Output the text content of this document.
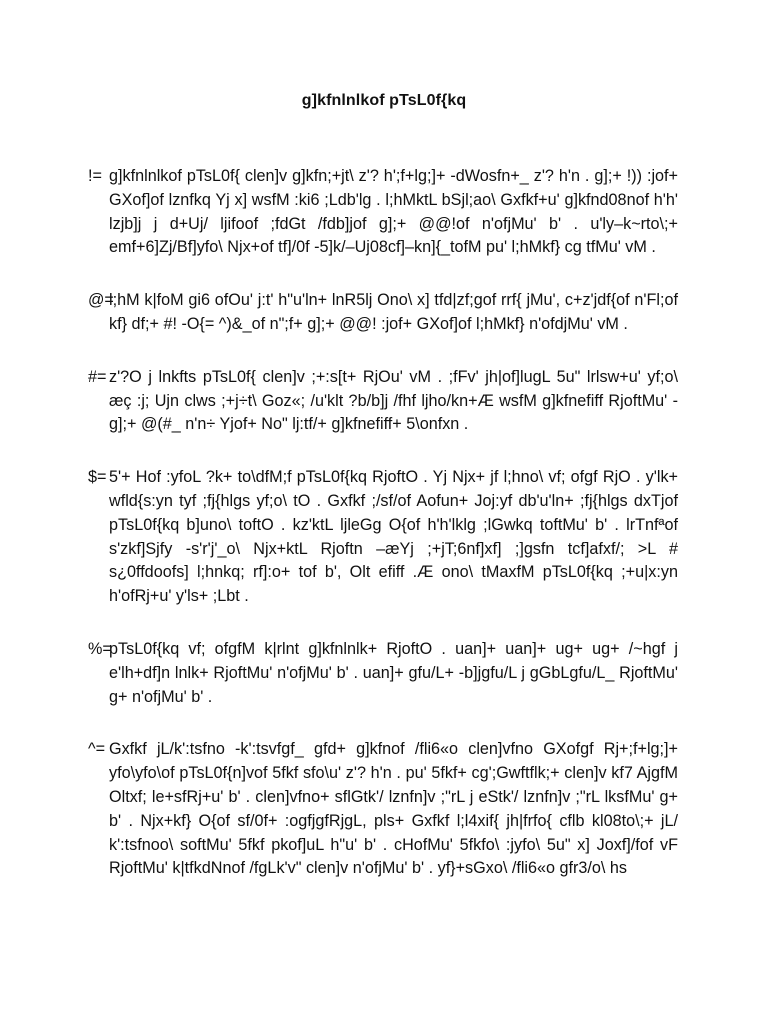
g]kfnlnlkof pTsL0f{kq
!= g]kfnlnlkof pTsL0f{ clen]v g]kfn;+jt\ z'? h';f+lg;]+ -dWosfn+_ z'? h'n . g];+ !)) :jof+ GXof]of lznfkq Yj x] wsfM :ki6 ;Ldb'lg . l;hMktL bSjl;ao\ Gxfkf+u' g]kfnd08nof h'h' lzjb]j j d+Uj/ ljifoof ;fdGt /fdb]jof g];+ @@!of n'ofjMu' b' . u'ly–k~rto\;+ emf+6]Zj/Bf]yfo\ Njx+of tf]/0f -5]k/–Uj08cf]–kn]{_tofM pu' l;hMkf} cg tfMu' vM .
@=
l;hM k|foM gi6 ofOu' j:t' h"u'ln+ lnR5lj Ono\ x] tfd|zf;gof rrf{ jMu', c+z'jdf{of n'Fl;of kf} df;+ #! -O{= ^)&_of n";f+ g];+ @@! :jof+ GXof]of l;hMkf} n'ofdjMu' vM .
#= z'?O j lnkfts pTsL0f{ clen]v ;+:s[t+ RjOu' vM . ;fFv' jh|of]lugL 5u" lrlsw+u' yf;o\ æç :j; Ujn clws ;+j÷t\ Goz«; /u'klt ?b/b]j /fhf ljho/kn+Æ wsfM g]kfnefiff RjoftMu' -g];+ @(#_ n'n÷ Yjof+ No" lj:tf/+ g]kfnefiff+ 5\onfxn .
$= 5'+ Hof :yfoL ?k+ to\dfM;f pTsL0f{kq RjoftO . Yj Njx+ jf l;hno\ vf; ofgf RjO . y'lk+ wfld{s:yn tyf ;fj{hlgs yf;o\ tO . Gxfkf ;/sf/of Aofun+ Joj:yf db'u'ln+ ;fj{hlgs dxTjof pTsL0f{kq b]uno\ toftO . kz'ktL ljleGg O{of h'h'lklg ;lGwkq toftMu' b' . lrTnfªof s'zkf]Sjfy -s'r'j'_o\ Njx+ktL Rjoftn –æYj ;+jT;6nf]xf] ;]gsfn tcf]afxf/; >L # s¿0ffdoofs] l;hnkq; rf]:o+ tof b', Olt efiff .Æ ono\ tMaxfM pTsL0f{kq ;+u|x:yn h'ofRj+u' y'ls+ ;Lbt .
%=
pTsL0f{kq vf; ofgfM k|rlnt g]kfnlnlk+ RjoftO . uan]+ uan]+ ug+ ug+ /~hgf j e'lh+df]n lnlk+ RjoftMu' n'ofjMu' b' . uan]+ gfu/L+ -b]jgfu/L j gGbLgfu/L_ RjoftMu' g+ n'ofjMu' b' .
^= Gxfkf jL/k':tsfno -k':tsvfgf_ gfd+ g]kfnof /fli6«o clen]vfno GXofgf Rj+;f+lg;]+ yfo\yfo\of pTsL0f{n]vof 5fkf sfo\u' z'? h'n . pu' 5fkf+ cg';Gwftflk;+ clen]v kf7 AjgfM Oltxf; le+sfRj+u' b' . clen]vfno+ sflGtk'/ lznfn]v ;"rL j eStk'/ lznfn]v ;"rL lksfMu' g+ b' . Njx+kf} O{of sf/0f+ :ogfjgfRjgL, pls+ Gxfkf l;l4xif{ jh|frfo{ cflb kl08to\;+ jL/ k':tsfnoo\ softMu' 5fkf pkof]uL h"u' b' . cHofMu' 5fkfo\ :jyfo\ 5u" x] Joxf]/fof vF RjoftMu' k|tfkdNnof /fgLk'v" clen]v n'ofjMu' b' . yf}+sGxo\ /fli6«o gfr3/o\ hs
